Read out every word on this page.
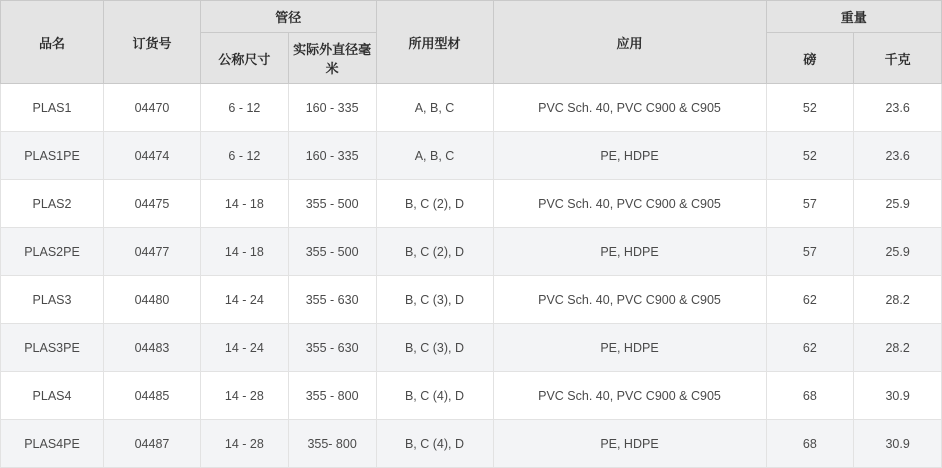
品名	订货号	管径		所用型材	应用	重量	
		公称尺寸	实际外直径毫米			磅	千克
PLAS1	04470	6 - 12	160 - 335	A, B, C	PVC Sch. 40, PVC C900 & C905	52	23.6
PLAS1PE	04474	6 - 12	160 - 335	A, B, C	PE, HDPE	52	23.6
PLAS2	04475	14 - 18	355 - 500	B, C (2), D	PVC Sch. 40, PVC C900 & C905	57	25.9
PLAS2PE	04477	14 - 18	355 - 500	B, C (2), D	PE, HDPE	57	25.9
PLAS3	04480	14 - 24	355 - 630	B, C (3), D	PVC Sch. 40, PVC C900 & C905	62	28.2
PLAS3PE	04483	14 - 24	355 - 630	B, C (3), D	PE, HDPE	62	28.2
PLAS4	04485	14 - 28	355 - 800	B, C (4), D	PVC Sch. 40, PVC C900 & C905	68	30.9
PLAS4PE	04487	14 - 28	355- 800	B, C (4), D	PE, HDPE	68	30.9
